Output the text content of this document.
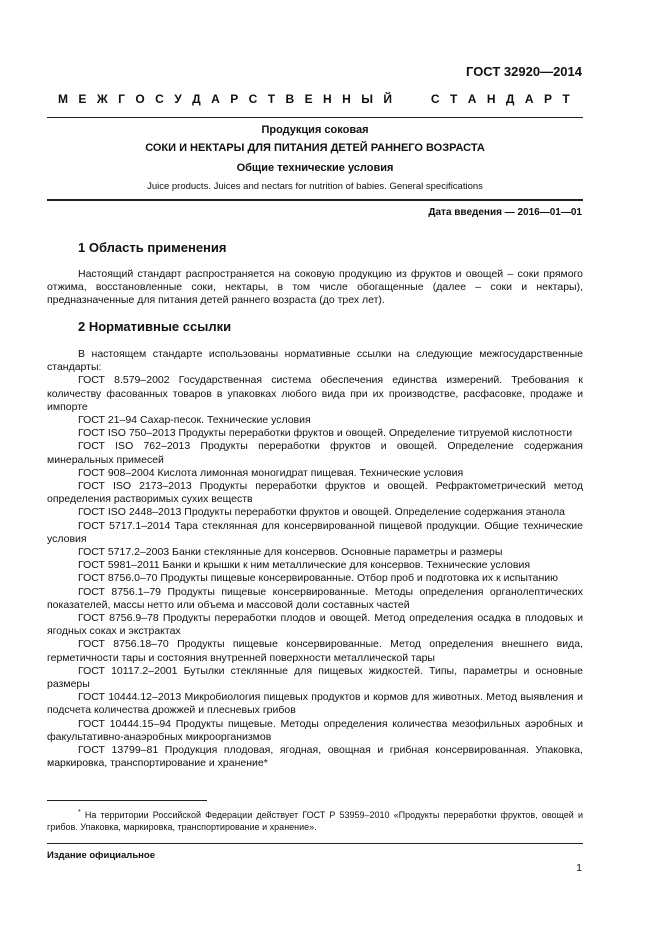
ГОСТ 32920—2014
М Е Ж Г О С У Д А Р С Т В Е Н Н Ы Й
	С Т А Н Д А Р Т
Продукция соковая
СОКИ И НЕКТАРЫ ДЛЯ ПИТАНИЯ ДЕТЕЙ РАННЕГО ВОЗРАСТА
Общие технические условия
Juice products. Juices and nectars for nutrition of babies. General specifications
Дата введения — 2016—01—01
1 Область применения
Настоящий стандарт распространяется на соковую продукцию из фруктов и овощей – соки прямого отжима, восстановленные соки, нектары, в том числе обогащенные (далее – соки и нектары), предназначенные для питания детей раннего возраста (до трех лет).
2 Нормативные ссылки
В настоящем стандарте использованы нормативные ссылки на следующие межгосударственные стандарты:
ГОСТ 8.579–2002 Государственная система обеспечения единства измерений. Требования к количеству фасованных товаров в упаковках любого вида при их производстве, расфасовке, продаже и импорте
ГОСТ 21–94 Сахар-песок. Технические условия
ГОСТ ISO 750–2013 Продукты переработки фруктов и овощей. Определение титруемой кислотности
ГОСТ ISO 762–2013 Продукты переработки фруктов и овощей. Определение содержания минеральных примесей
ГОСТ 908–2004 Кислота лимонная моногидрат пищевая. Технические условия
ГОСТ ISO 2173–2013 Продукты переработки фруктов и овощей. Рефрактометрический метод определения растворимых сухих веществ
ГОСТ ISO 2448–2013 Продукты переработки фруктов и овощей. Определение содержания этанола
ГОСТ 5717.1–2014 Тара стеклянная для консервированной пищевой продукции. Общие технические условия
ГОСТ 5717.2–2003 Банки стеклянные для консервов. Основные параметры и размеры
ГОСТ 5981–2011 Банки и крышки к ним металлические для консервов. Технические условия
ГОСТ 8756.0–70 Продукты пищевые консервированные. Отбор проб и подготовка их к испытанию
ГОСТ 8756.1–79 Продукты пищевые консервированные. Методы определения органолептических показателей, массы нетто или объема и массовой доли составных частей
ГОСТ 8756.9–78 Продукты переработки плодов и овощей. Метод определения осадка в плодовых и ягодных соках и экстрактах
ГОСТ 8756.18–70 Продукты пищевые консервированные. Метод определения внешнего вида, герметичности тары и состояния внутренней поверхности металлической тары
ГОСТ 10117.2–2001 Бутылки стеклянные для пищевых жидкостей. Типы, параметры и основные размеры
ГОСТ 10444.12–2013 Микробиология пищевых продуктов и кормов для животных. Метод выявления и подсчета количества дрожжей и плесневых грибов
ГОСТ 10444.15–94 Продукты пищевые. Методы определения количества мезофильных аэробных и факультативно-анаэробных микроорганизмов
ГОСТ 13799–81 Продукция плодовая, ягодная, овощная и грибная консервированная. Упаковка, маркировка, транспортирование и хранение*
* На территории Российской Федерации действует ГОСТ Р 53959–2010 «Продукты переработки фруктов, овощей и грибов. Упаковка, маркировка, транспортирование и хранение».
Издание официальное
1
